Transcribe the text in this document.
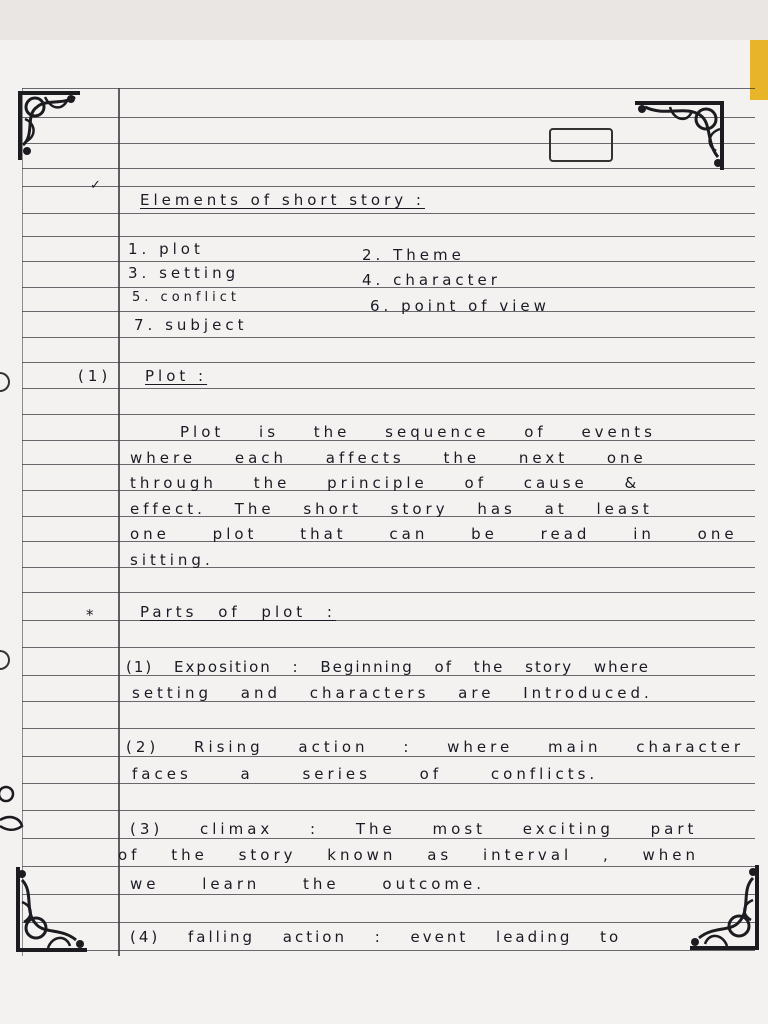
✓
Elements of short story :
1. plot	2. Theme
3. setting	4. character
5. conflict	6. point of view
7. subject
(1) Plot :
Plot is the sequence of events
where each affects the next one
through the principle of cause &
effect. The short story has at least
one plot that can be read in one
sitting.
*	Parts of plot :
(1) Exposition : Beginning of the story where
setting and characters are Introduced.
(2) Rising action : where main character
faces a series of conflicts.
(3) climax : The most exciting part
of the story known as interval , when
we learn the outcome.
(4) falling action : event leading to
